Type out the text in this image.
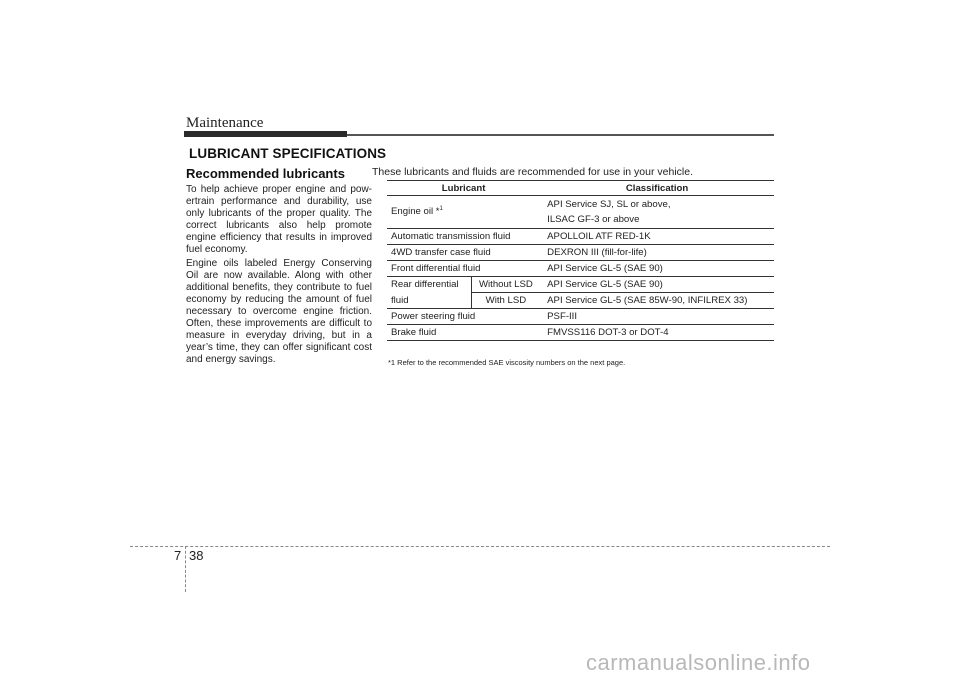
Maintenance
LUBRICANT SPECIFICATIONS
Recommended lubricants

To help achieve proper engine and pow-ertrain performance and durability, use only lubricants of the proper quality. The correct lubricants also help promote engine efficiency that results in improved fuel economy.

Engine oils labeled Energy Conserving Oil are now available. Along with other additional benefits, they contribute to fuel economy by reducing the amount of fuel necessary to overcome engine friction. Often, these improvements are difficult to measure in everyday driving, but in a year’s time, they can offer significant cost and energy savings.

These lubricants and fluids are recommended for use in your vehicle.
Lubricant		Classification
Engine oil *$^1$		API Service SJ, SL or above,
ILSAC GF-3 or above

Automatic transmission fluid		APOLLOIL ATF RED-1K
4WD transfer case fluid		DEXRON III (fill-for-life)
Front differential fluid		API Service GL-5 (SAE 90)

Rear differential
fluid	Without LSD	API Service GL-5 (SAE 90)
	With LSD	API Service GL-5 (SAE 85W-90, INFILREX 33)
Power steering fluid		PSF-III
Brake fluid		FMVSS116 DOT-3 or DOT-4
*1 Refer to the recommended SAE viscosity numbers on the next page.
7 38
carmanualsonline.info
